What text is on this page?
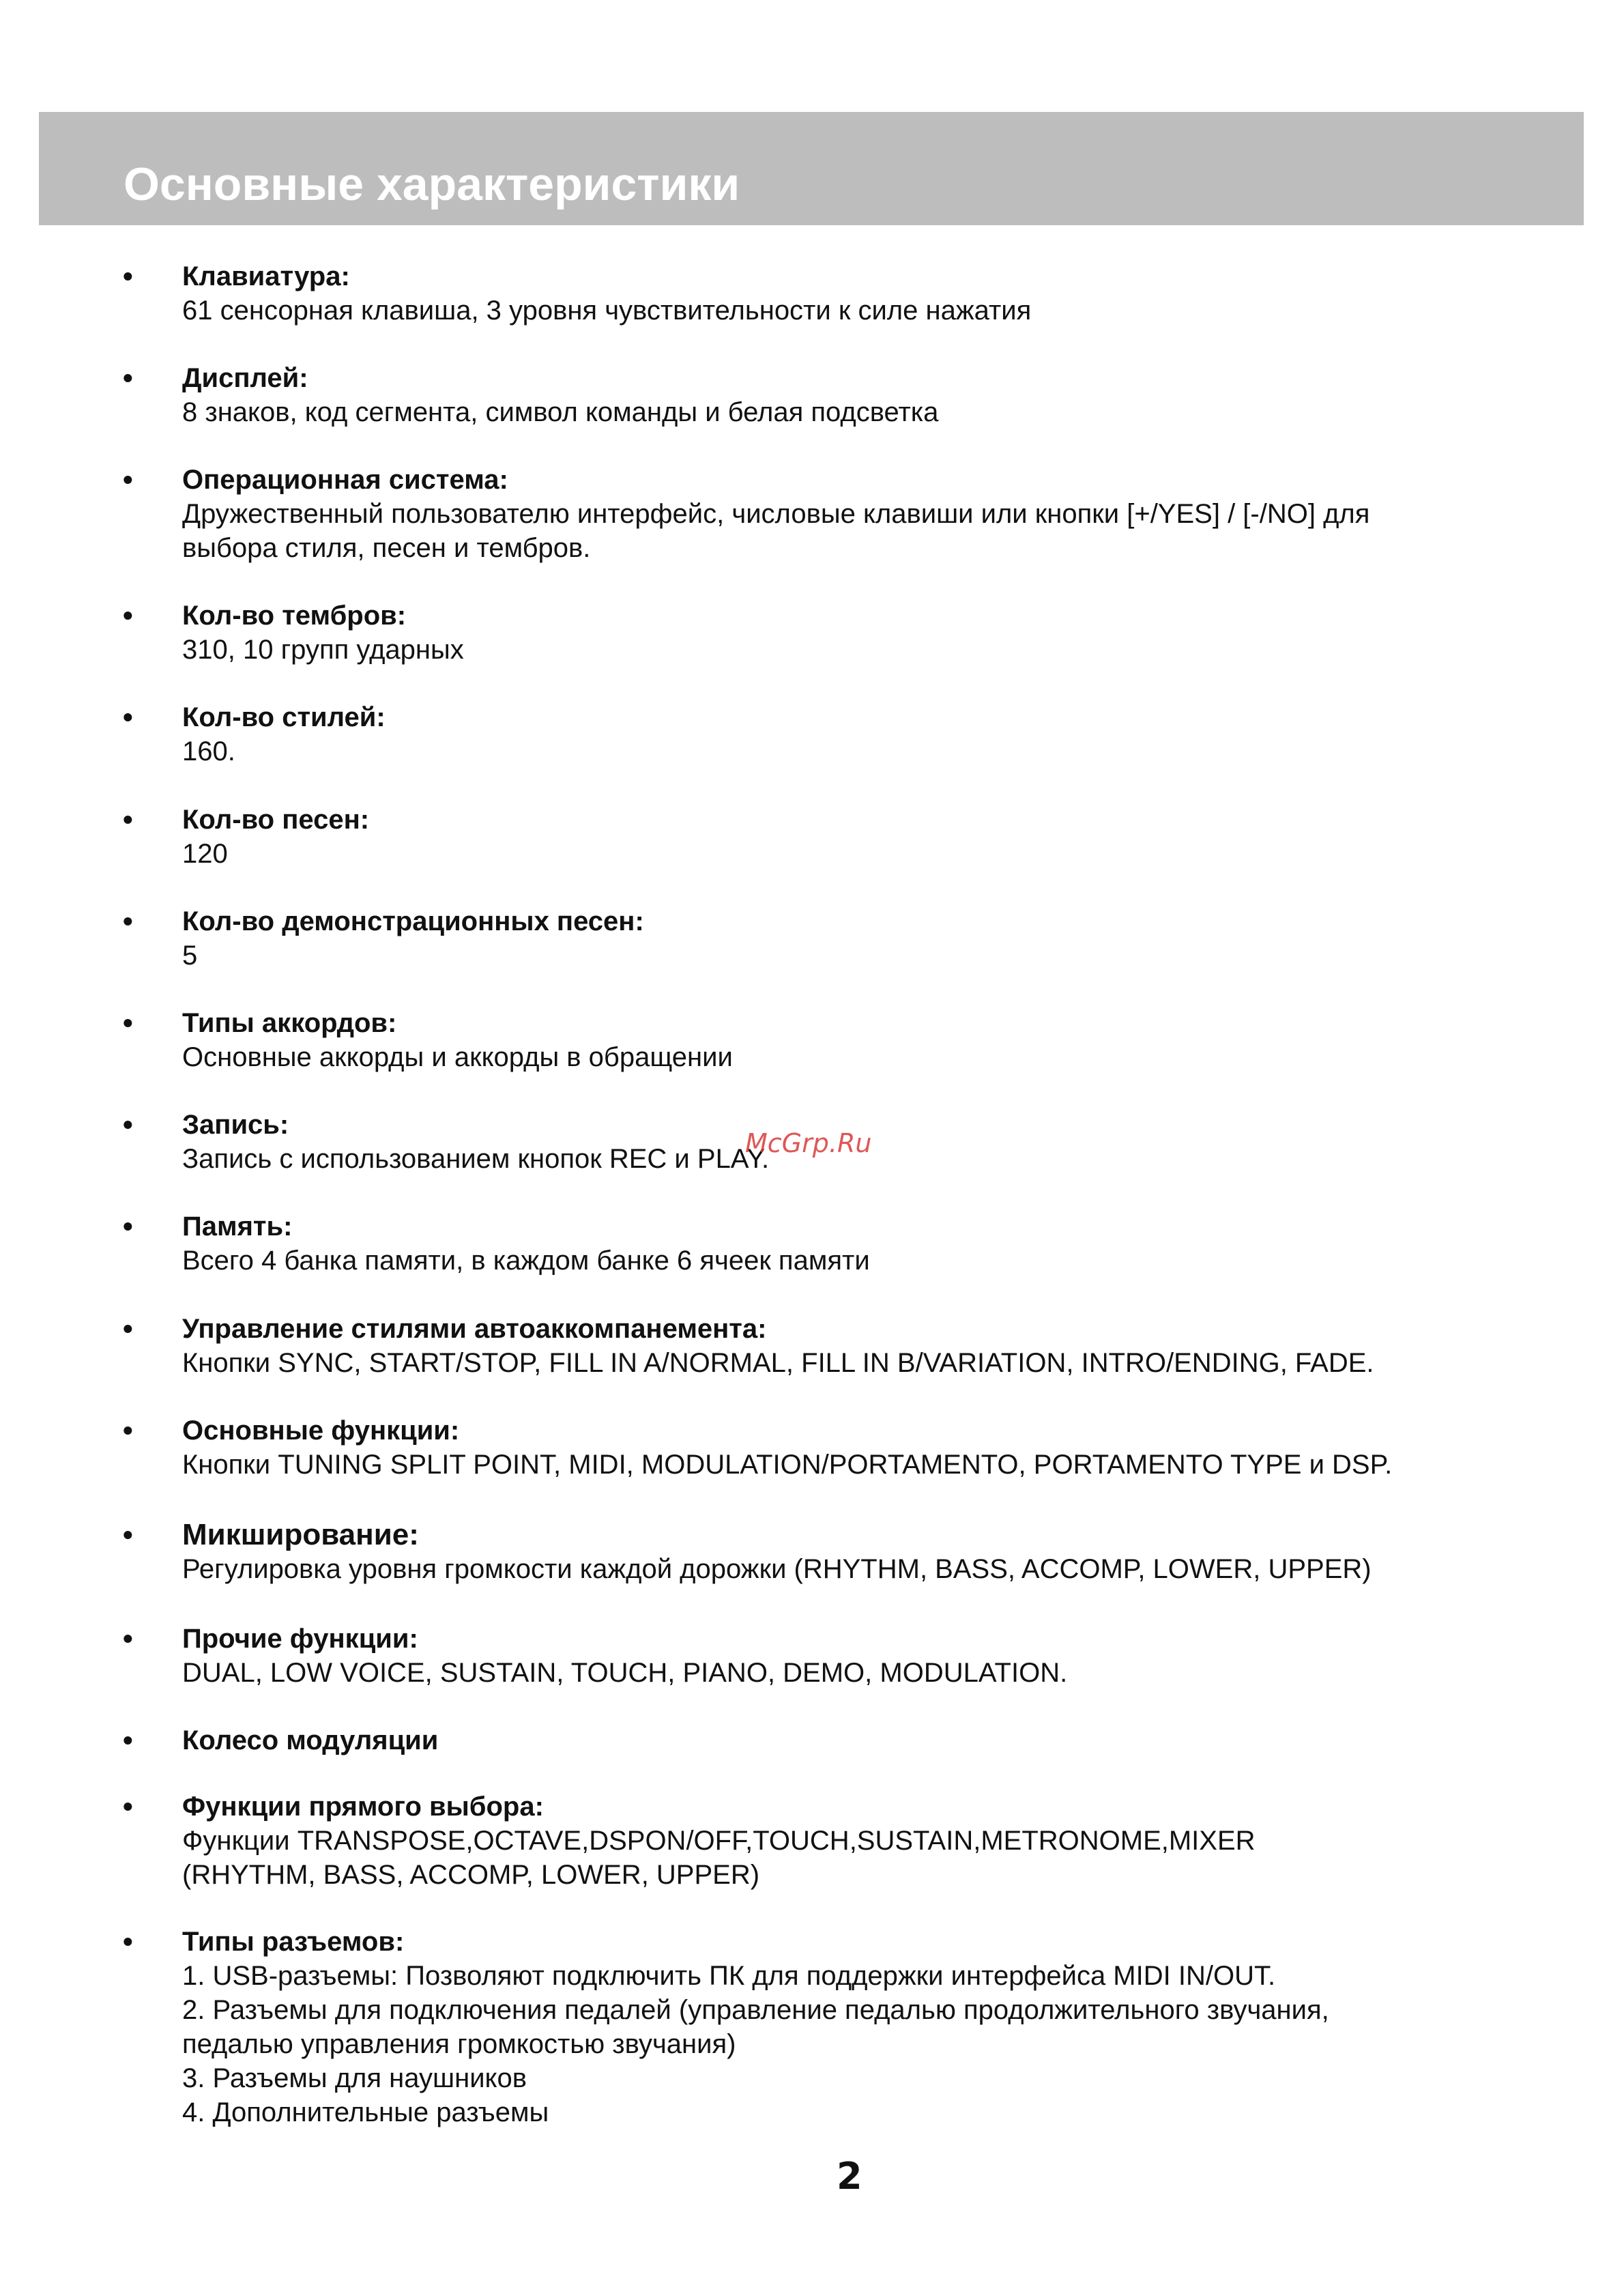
Основные характеристики
• Клавиатура:
61 сенсорная клавиша, 3 уровня чувствительности к силе нажатия
• Дисплей:
8 знаков, код сегмента, символ команды и белая подсветка
• Операционная система:
Дружественный пользователю интерфейс, числовые клавиши или кнопки [+/YES] / [-/NO] для
выбора стиля, песен и тембров.
• Кол-во тембров:
310, 10 групп ударных
• Кол-во стилей:
160.
• Кол-во песен:
120
• Кол-во демонстрационных песен:
5
• Типы аккордов:
Основные аккорды и аккорды в обращении
• Запись:
Запись с использованием кнопок REC и PLAY.
• Память:
Всего 4 банка памяти, в каждом банке 6 ячеек памяти
• Управление стилями автоаккомпанемента:
Кнопки SYNC, START/STOP, FILL IN A/NORMAL, FILL IN B/VARIATION, INTRO/ENDING, FADE.
• Основные функции:
Кнопки TUNING SPLIT POINT, MIDI, MODULATION/PORTAMENTO, PORTAMENTO TYPE и DSP.
• Микширование:
Регулировка уровня громкости каждой дорожки (RHYTHM, BASS, ACCOMP, LOWER, UPPER)
• Прочие функции:
DUAL, LOW VOICE, SUSTAIN, TOUCH, PIANO, DEMO, MODULATION.
• Колесо модуляции
• Функции прямого выбора:
Функции TRANSPOSE,OCTAVE,DSPON/OFF,TOUCH,SUSTAIN,METRONOME,MIXER
(RHYTHM, BASS, ACCOMP, LOWER, UPPER)
• Типы разъемов:
1. USB-разъемы: Позволяют подключить ПК для поддержки интерфейса MIDI IN/OUT.
2. Разъемы для подключения педалей (управление педалью продолжительного звучания,
педалью управления громкостью звучания)
3. Разъемы для наушников
4. Дополнительные разъемы
McGrp.Ru
2
